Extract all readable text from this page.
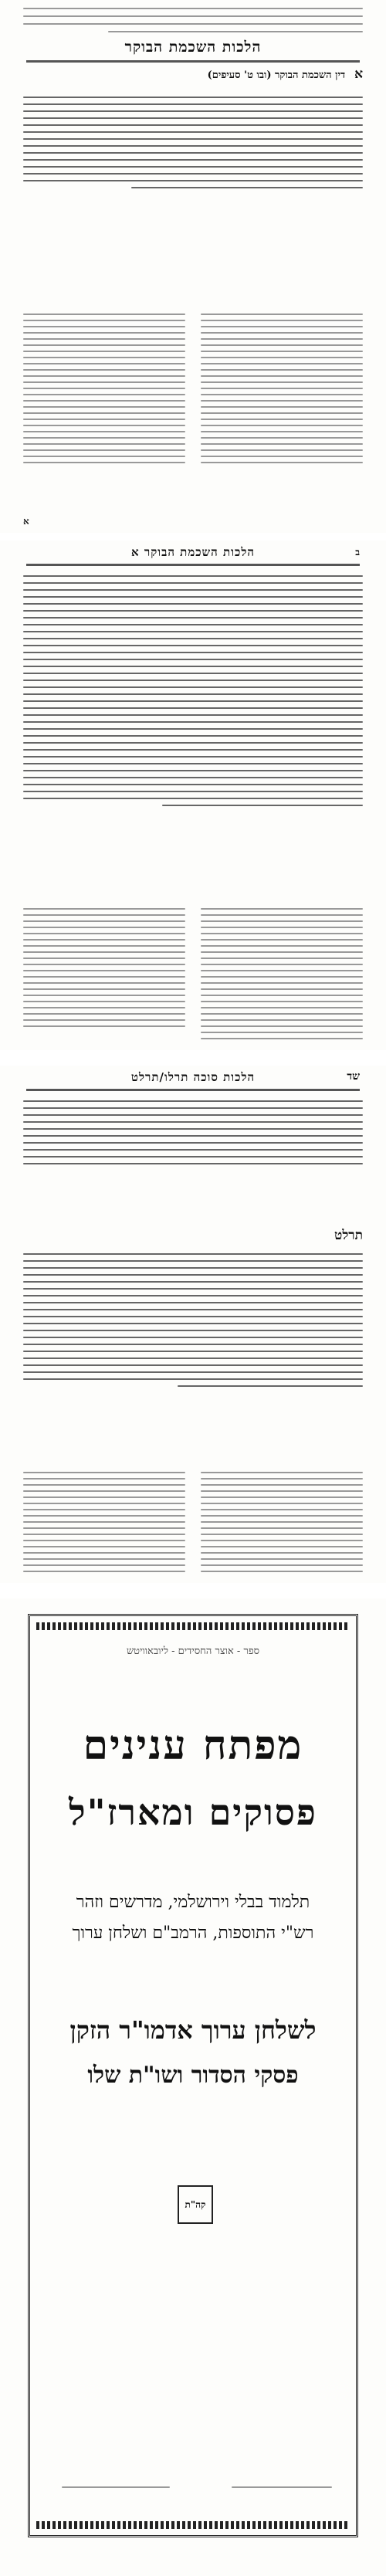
הלכות השכמת הבוקר
א דין השכמת הבוקר (ובו ט' סעיפים)
א
ב
הלכות השכמת הבוקר א
שד
הלכות סוכה תרלו/תרלט
תרלט
ספר - אוצר החסידים - ליובאוויטש
מפתח ענינים
פסוקים ומארז"ל
תלמוד בבלי וירושלמי, מדרשים וזהר
רש"י התוספות, הרמב"ם ושלחן ערוך
לשלחן ערוך אדמו"ר הזקן
פסקי הסדור ושו"ת שלו
קה"ת
